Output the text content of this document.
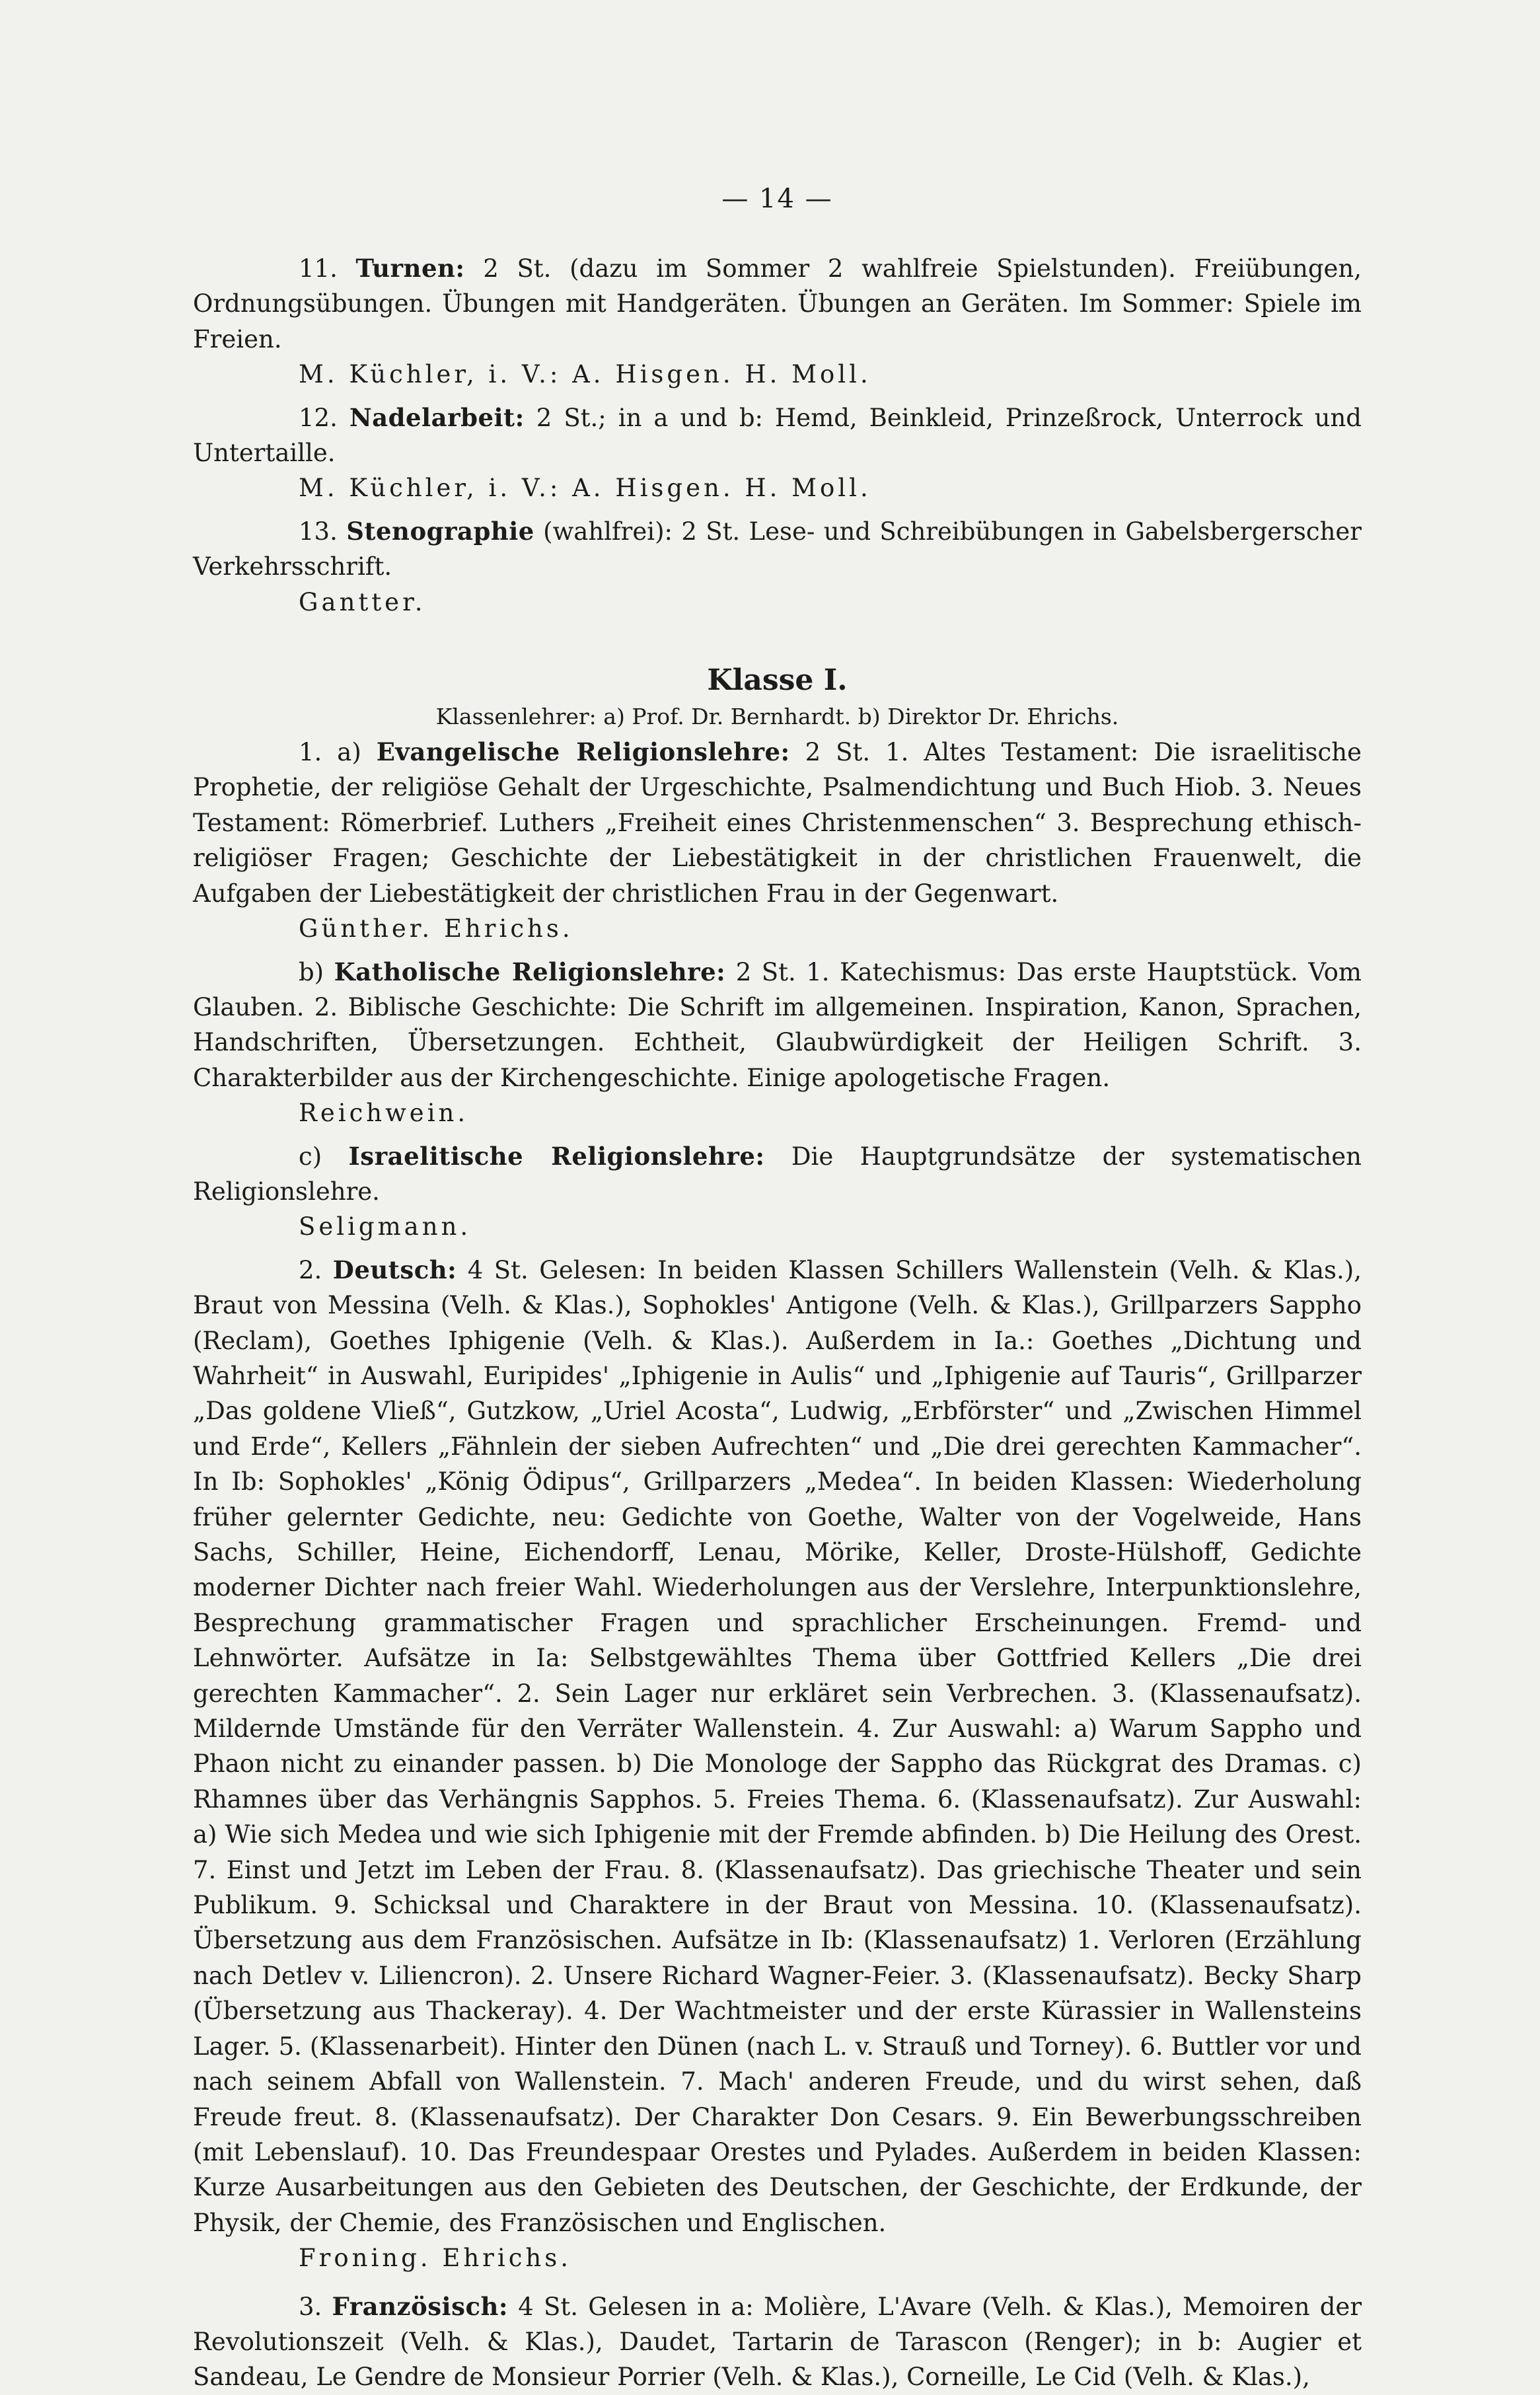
— 14 —

11. Turnen: 2 St. (dazu im Sommer 2 wahlfreie Spielstunden). Freiübungen, Ordnungsübungen. Übungen mit Handgeräten. Übungen an Geräten. Im Sommer: Spiele im Freien.
M. Küchler, i. V.: A. Hisgen. H. Moll.

12. Nadelarbeit: 2 St.; in a und b: Hemd, Beinkleid, Prinzeßrock, Unterrock und Untertaille.
M. Küchler, i. V.: A. Hisgen. H. Moll.

13. Stenographie (wahlfrei): 2 St. Lese- und Schreibübungen in Gabelsbergerscher Verkehrsschrift.
Gantter.

Klasse I.
Klassenlehrer: a) Prof. Dr. Bernhardt. b) Direktor Dr. Ehrichs.

1. a) Evangelische Religionslehre: 2 St. 1. Altes Testament: Die israelitische Prophetie, der religiöse Gehalt der Urgeschichte, Psalmendichtung und Buch Hiob. 3. Neues Testament: Römerbrief. Luthers „Freiheit eines Christenmenschen“ 3. Besprechung ethisch-religiöser Fragen; Geschichte der Liebestätigkeit in der christlichen Frauenwelt, die Aufgaben der Liebestätigkeit der christlichen Frau in der Gegenwart.
Günther. Ehrichs.

b) Katholische Religionslehre: 2 St. 1. Katechismus: Das erste Hauptstück. Vom Glauben. 2. Biblische Geschichte: Die Schrift im allgemeinen. Inspiration, Kanon, Sprachen, Handschriften, Übersetzungen. Echtheit, Glaubwürdigkeit der Heiligen Schrift. 3. Charakterbilder aus der Kirchengeschichte. Einige apologetische Fragen.
Reichwein.

c) Israelitische Religionslehre: Die Hauptgrundsätze der systematischen Religionslehre.
Seligmann.

2. Deutsch: 4 St. Gelesen: In beiden Klassen Schillers Wallenstein (Velh. & Klas.), Braut von Messina (Velh. & Klas.), Sophokles' Antigone (Velh. & Klas.), Grillparzers Sappho (Reclam), Goethes Iphigenie (Velh. & Klas.). Außerdem in Ia.: Goethes „Dichtung und Wahrheit“ in Auswahl, Euripides' „Iphigenie in Aulis“ und „Iphigenie auf Tauris“, Grillparzer „Das goldene Vließ“, Gutzkow, „Uriel Acosta“, Ludwig, „Erbförster“ und „Zwischen Himmel und Erde“, Kellers „Fähnlein der sieben Aufrechten“ und „Die drei gerechten Kammacher“. In Ib: Sophokles' „König Ödipus“, Grillparzers „Medea“. In beiden Klassen: Wiederholung früher gelernter Gedichte, neu: Gedichte von Goethe, Walter von der Vogelweide, Hans Sachs, Schiller, Heine, Eichendorff, Lenau, Mörike, Keller, Droste-Hülshoff, Gedichte moderner Dichter nach freier Wahl. Wiederholungen aus der Verslehre, Interpunktionslehre, Besprechung grammatischer Fragen und sprachlicher Erscheinungen. Fremd- und Lehnwörter. Aufsätze in Ia: Selbstgewähltes Thema über Gottfried Kellers „Die drei gerechten Kammacher“. 2. Sein Lager nur erkläret sein Verbrechen. 3. (Klassenaufsatz). Mildernde Umstände für den Verräter Wallenstein. 4. Zur Auswahl: a) Warum Sappho und Phaon nicht zu einander passen. b) Die Monologe der Sappho das Rückgrat des Dramas. c) Rhamnes über das Verhängnis Sapphos. 5. Freies Thema. 6. (Klassenaufsatz). Zur Auswahl: a) Wie sich Medea und wie sich Iphigenie mit der Fremde abfinden. b) Die Heilung des Orest. 7. Einst und Jetzt im Leben der Frau. 8. (Klassenaufsatz). Das griechische Theater und sein Publikum. 9. Schicksal und Charaktere in der Braut von Messina. 10. (Klassenaufsatz). Übersetzung aus dem Französischen. Aufsätze in Ib: (Klassenaufsatz) 1. Verloren (Erzählung nach Detlev v. Liliencron). 2. Unsere Richard Wagner-Feier. 3. (Klassenaufsatz). Becky Sharp (Übersetzung aus Thackeray). 4. Der Wachtmeister und der erste Kürassier in Wallensteins Lager. 5. (Klassenarbeit). Hinter den Dünen (nach L. v. Strauß und Torney). 6. Buttler vor und nach seinem Abfall von Wallenstein. 7. Mach' anderen Freude, und du wirst sehen, daß Freude freut. 8. (Klassenaufsatz). Der Charakter Don Cesars. 9. Ein Bewerbungsschreiben (mit Lebenslauf). 10. Das Freundespaar Orestes und Pylades. Außerdem in beiden Klassen: Kurze Ausarbeitungen aus den Gebieten des Deutschen, der Geschichte, der Erdkunde, der Physik, der Chemie, des Französischen und Englischen.
Froning. Ehrichs.

3. Französisch: 4 St. Gelesen in a: Molière, L'Avare (Velh. & Klas.), Memoiren der Revolutionszeit (Velh. & Klas.), Daudet, Tartarin de Tarascon (Renger); in b: Augier et Sandeau, Le Gendre de Monsieur Porrier (Velh. & Klas.), Corneille, Le Cid (Velh. & Klas.),
